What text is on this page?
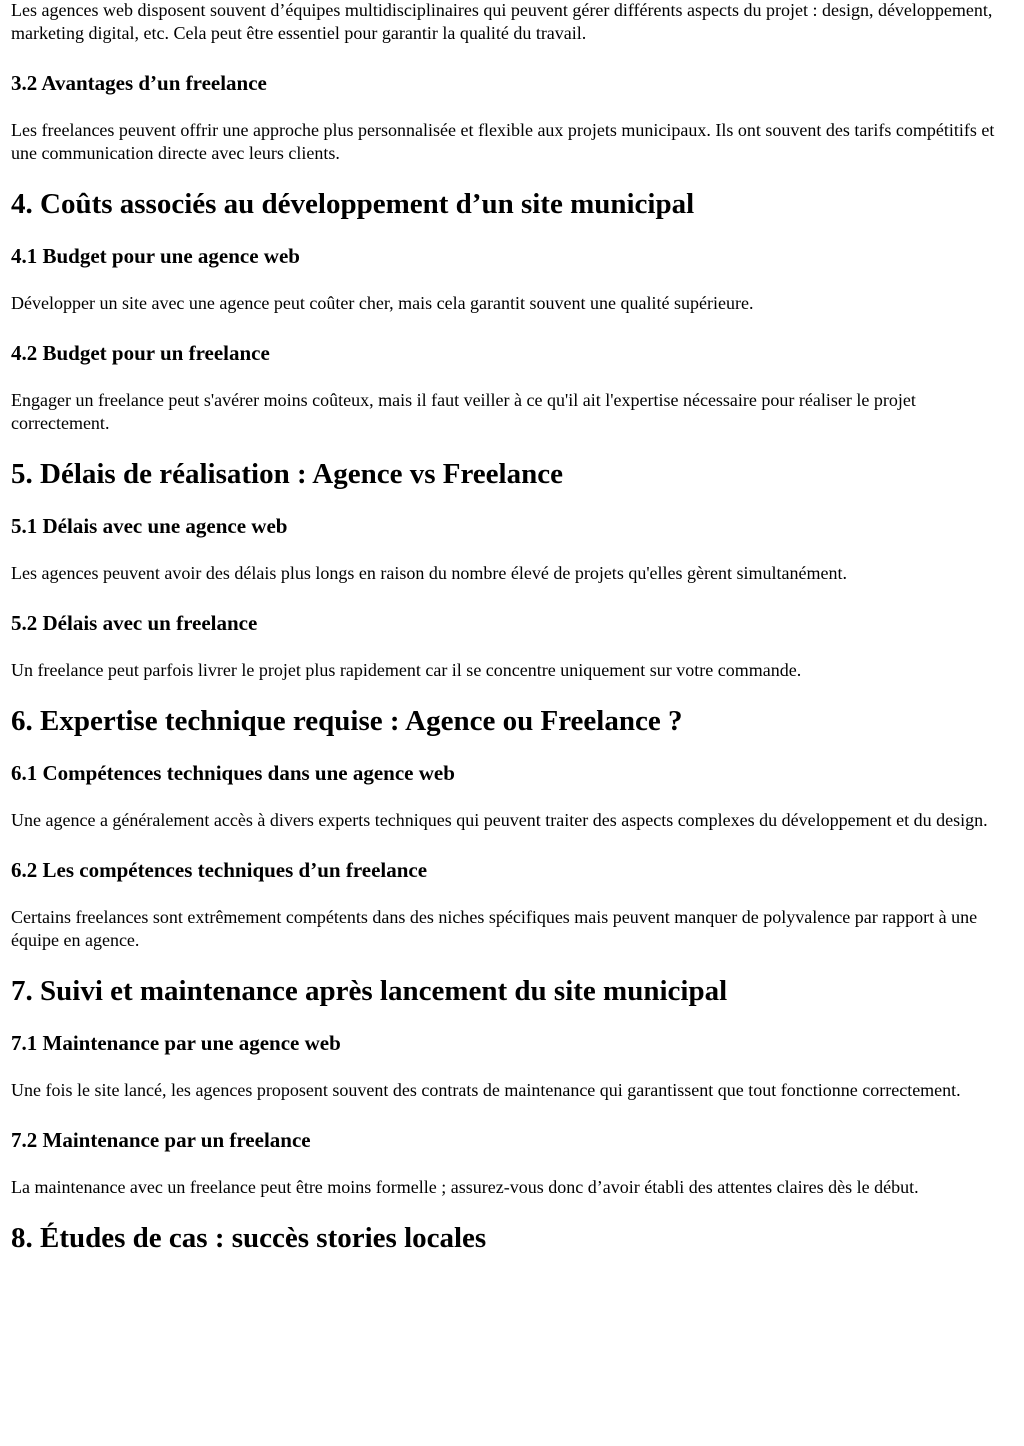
Les agences web disposent souvent d’équipes multidisciplinaires qui peuvent gérer différents aspects du projet : design, développement, marketing digital, etc. Cela peut être essentiel pour garantir la qualité du travail.

3.2 Avantages d’un freelance

Les freelances peuvent offrir une approche plus personnalisée et flexible aux projets municipaux. Ils ont souvent des tarifs compétitifs et une communication directe avec leurs clients.

4. Coûts associés au développement d’un site municipal
4.1 Budget pour une agence web

Développer un site avec une agence peut coûter cher, mais cela garantit souvent une qualité supérieure.

4.2 Budget pour un freelance

Engager un freelance peut s'avérer moins coûteux, mais il faut veiller à ce qu'il ait l'expertise nécessaire pour réaliser le projet correctement.

5. Délais de réalisation : Agence vs Freelance
5.1 Délais avec une agence web

Les agences peuvent avoir des délais plus longs en raison du nombre élevé de projets qu'elles gèrent simultanément.

5.2 Délais avec un freelance

Un freelance peut parfois livrer le projet plus rapidement car il se concentre uniquement sur votre commande.

6. Expertise technique requise : Agence ou Freelance ?
6.1 Compétences techniques dans une agence web

Une agence a généralement accès à divers experts techniques qui peuvent traiter des aspects complexes du développement et du design.

6.2 Les compétences techniques d’un freelance

Certains freelances sont extrêmement compétents dans des niches spécifiques mais peuvent manquer de polyvalence par rapport à une équipe en agence.

7. Suivi et maintenance après lancement du site municipal
7.1 Maintenance par une agence web

Une fois le site lancé, les agences proposent souvent des contrats de maintenance qui garantissent que tout fonctionne correctement.

7.2 Maintenance par un freelance

La maintenance avec un freelance peut être moins formelle ; assurez-vous donc d’avoir établi des attentes claires dès le début.

8. Études de cas : succès stories locales
